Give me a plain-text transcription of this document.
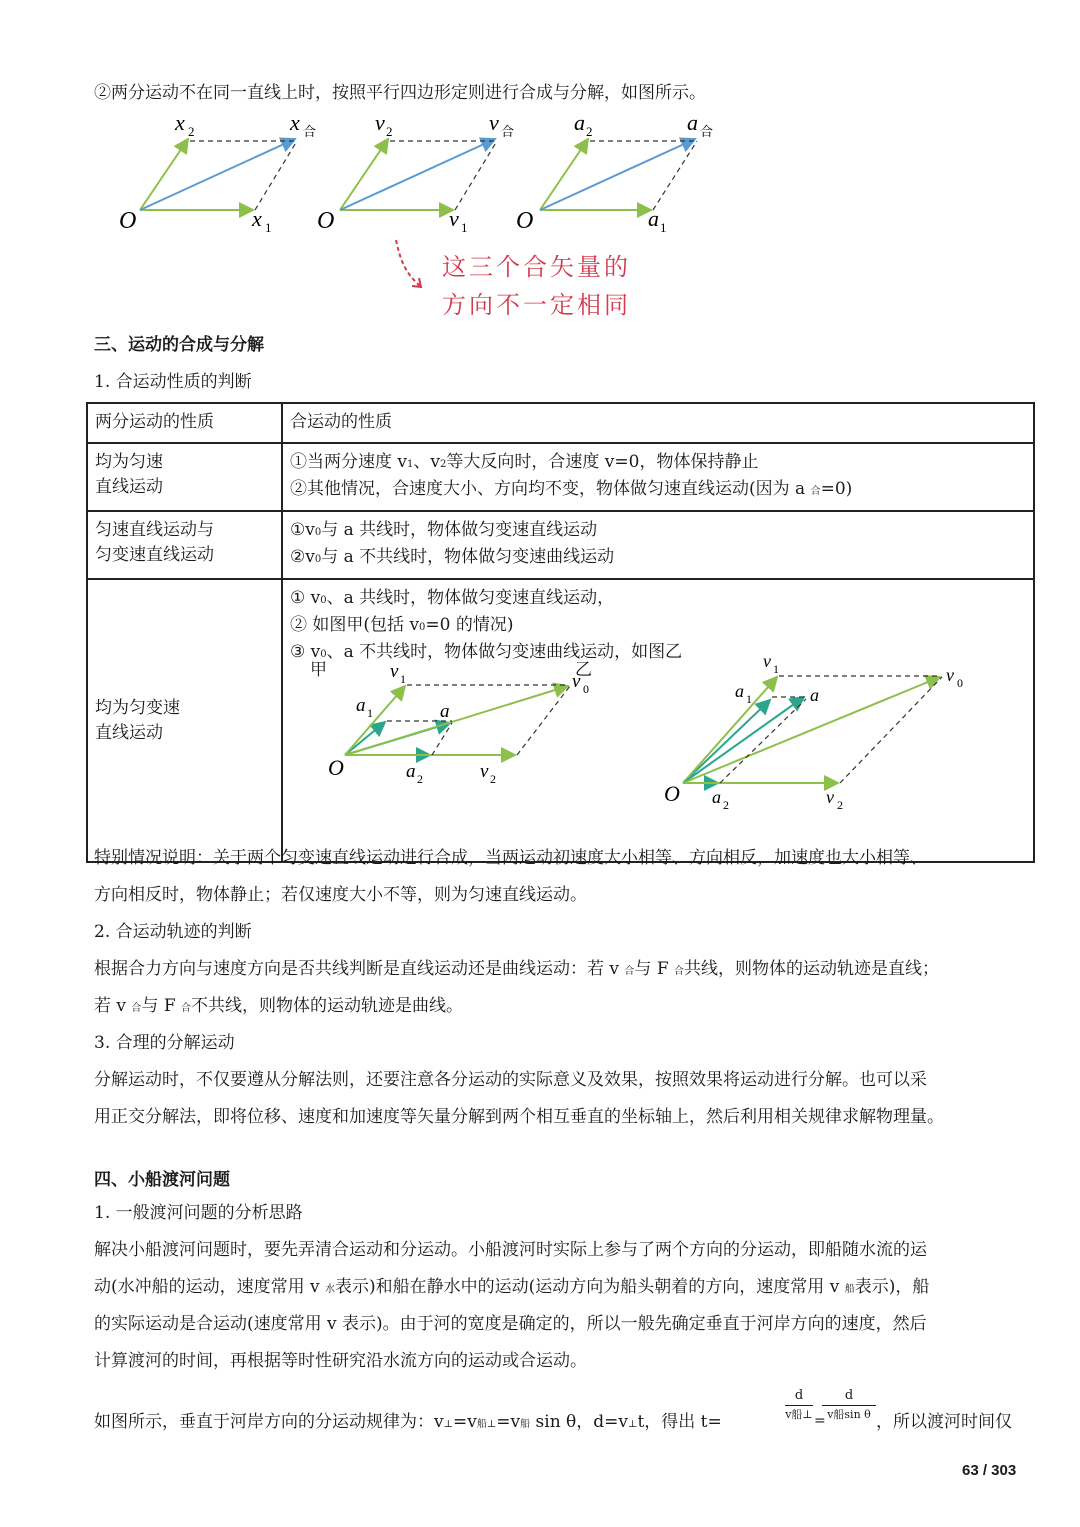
②两分运动不在同一直线上时，按照平行四边形定则进行合成与分解，如图所示。
O
x 2	x 合
x 1 O
v 2	v 合
v 1 O
a 2	a 合
a 1
这三个合矢量的
方向不一定相同
三、运动的合成与分解
1. 合运动性质的判断
两分运动的性质	合运动的性质

均为匀速
直线运动	①当两分速度 v1、v2等大反向时，合速度 v=0，物体保持静止
②其他情况，合速度大小、方向均不变，物体做匀速直线运动(因为 a 合=0)

匀速直线运动与
匀变速直线运动	①v0与 a 共线时，物体做匀变速直线运动
②v0与 a 不共线时，物体做匀变速曲线运动

均为匀变速
直线运动	① v0、a 共线时，物体做匀变速直线运动，
② 如图甲(包括 v0=0 的情况)
③ v0、a 不共线时，物体做匀变速曲线运动，如图乙
甲	乙
O
v 1
a 1	a
v 0
a 2	v 2
O
v 1
a 1	a
v 0
a 2	v 2
特别情况说明：关于两个匀变速直线运动进行合成，当两运动初速度大小相等、方向相反，加速度也大小相等、
方向相反时，物体静止；若仅速度大小不等，则为匀速直线运动。
2. 合运动轨迹的判断
根据合力方向与速度方向是否共线判断是直线运动还是曲线运动：若 v 合与 F 合共线，则物体的运动轨迹是直线；
若 v 合与 F 合不共线，则物体的运动轨迹是曲线。
3. 合理的分解运动
分解运动时，不仅要遵从分解法则，还要注意各分运动的实际意义及效果，按照效果将运动进行分解。也可以采
用正交分解法，即将位移、速度和加速度等矢量分解到两个相互垂直的坐标轴上，然后利用相关规律求解物理量。
四、小船渡河问题
1. 一般渡河问题的分析思路
解决小船渡河问题时，要先弄清合运动和分运动。小船渡河时实际上参与了两个方向的分运动，即船随水流的运
动(水冲船的运动，速度常用 v 水表示)和船在静水中的运动(运动方向为船头朝着的方向，速度常用 v 船表示)，船
的实际运动是合运动(速度常用 v 表示)。由于河的宽度是确定的，所以一般先确定垂直于河岸方向的速度，然后
计算渡河的时间，再根据等时性研究沿水流方向的运动或合运动。
如图所示，垂直于河岸方向的分运动规律为：v⊥=v船⊥=v船 sin θ，d=v⊥t，得出 t=
d
v船⊥ =
d
v船sin θ ，所以渡河时间仅
63 / 303
